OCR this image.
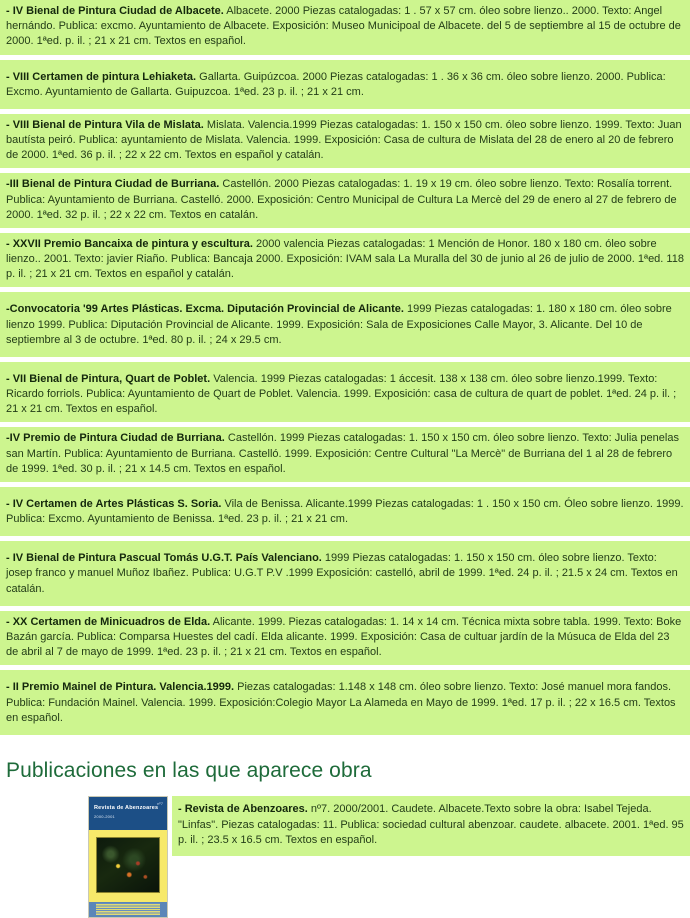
- IV Bienal de Pintura Ciudad de Albacete. Albacete. 2000 Piezas catalogadas: 1 . 57 x 57 cm. óleo sobre lienzo.. 2000. Texto: Angel hernándo. Publica: excmo. Ayuntamiento de Albacete. Exposición: Museo Municipoal de Albacete. del 5 de septiembre al 15 de octubre de 2000. 1ªed. p. il. ; 21 x 21 cm. Textos en español.
- VIII Certamen de pintura Lehiaketa. Gallarta. Guipúzcoa. 2000 Piezas catalogadas: 1 . 36 x 36 cm. óleo sobre lienzo. 2000. Publica: Excmo. Ayuntamiento de Gallarta. Guipuzcoa. 1ªed. 23 p. il. ; 21 x 21 cm.
- VIII Bienal de Pintura Vila de Mislata. Mislata. Valencia.1999 Piezas catalogadas: 1. 150 x 150 cm. óleo sobre lienzo. 1999. Texto: Juan bautísta peiró. Publica: ayuntamiento de Mislata. Valencia. 1999. Exposición: Casa de cultura de Mislata del 28 de enero al 20 de febrero de 2000. 1ªed. 36 p. il. ; 22 x 22 cm. Textos en español y catalán.
-III Bienal de Pintura Ciudad de Burriana. Castellón. 2000 Piezas catalogadas: 1. 19 x 19 cm. óleo sobre lienzo. Texto: Rosalía torrent. Publica: Ayuntamiento de Burriana. Castelló. 2000. Exposición: Centro Municipal de Cultura La Mercè del 29 de enero al 27 de febrero de 2000. 1ªed. 32 p. il. ; 22 x 22 cm. Textos en catalán.
- XXVII Premio Bancaixa de pintura y escultura. 2000 valencia Piezas catalogadas: 1 Mención de Honor. 180 x 180 cm. óleo sobre lienzo.. 2001. Texto: javier Riaño. Publica: Bancaja 2000. Exposición: IVAM sala La Muralla del 30 de junio al 26 de julio de 2000. 1ªed. 118 p. il. ; 21 x 21 cm. Textos en español y catalán.
-Convocatoria '99 Artes Plásticas. Excma. Diputación Provincial de Alicante. 1999 Piezas catalogadas: 1. 180 x 180 cm. óleo sobre lienzo 1999. Publica: Diputación Provincial de Alicante. 1999. Exposición: Sala de Exposiciones Calle Mayor, 3. Alicante. Del 10 de septiembre al 3 de octubre. 1ªed. 80 p. il. ; 24 x 29.5 cm.
- VII Bienal de Pintura, Quart de Poblet. Valencia. 1999 Piezas catalogadas: 1 áccesit. 138 x 138 cm. óleo sobre lienzo.1999. Texto: Ricardo forriols. Publica: Ayuntamiento de Quart de Poblet. Valencia. 1999. Exposición: casa de cultura de quart de poblet. 1ªed. 24 p. il. ; 21 x 21 cm. Textos en español.
-IV Premio de Pintura Ciudad de Burriana. Castellón. 1999 Piezas catalogadas: 1. 150 x 150 cm. óleo sobre lienzo. Texto: Julia penelas san Martín. Publica: Ayuntamiento de Burriana. Castelló. 1999. Exposición: Centre Cultural "La Mercè" de Burriana del 1 al 28 de febrero de 1999. 1ªed. 30 p. il. ; 21 x 14.5 cm. Textos en español.
- IV Certamen de Artes Plásticas S. Soria. Vila de Benissa. Alicante.1999 Piezas catalogadas: 1 . 150 x 150 cm. Óleo sobre lienzo. 1999. Publica: Excmo. Ayuntamiento de Benissa. 1ªed. 23 p. il. ; 21 x 21 cm.
- IV Bienal de Pintura Pascual Tomás U.G.T. País Valenciano. 1999 Piezas catalogadas: 1. 150 x 150 cm. óleo sobre lienzo. Texto: josep franco y manuel Muñoz Ibañez. Publica: U.G.T P.V .1999 Exposición: castelló, abril de 1999. 1ªed. 24 p. il. ; 21.5 x 24 cm. Textos en catalán.
- XX Certamen de Minicuadros de Elda. Alicante. 1999. Piezas catalogadas: 1. 14 x 14 cm. Técnica mixta sobre tabla. 1999. Texto: Boke Bazán garcía. Publica: Comparsa Huestes del cadí. Elda alicante. 1999. Exposición: Casa de cultuar jardín de la Músuca de Elda del 23 de abril al 7 de mayo de 1999. 1ªed. 23 p. il. ; 21 x 21 cm. Textos en español.
- II Premio Mainel de Pintura. Valencia.1999. Piezas catalogadas: 1.148 x 148 cm. óleo sobre lienzo. Texto: José manuel mora fandos. Publica: Fundación Mainel. Valencia. 1999. Exposición:Colegio Mayor La Alameda en Mayo de 1999. 1ªed. 17 p. il. ; 22 x 16.5 cm. Textos en español.
Publicaciones en las que aparece obra
Revista de Abenzoares
2000-2001
nº7	- Revista de Abenzoares. nº7. 2000/2001. Caudete. Albacete.Texto sobre la obra: Isabel Tejeda. "Linfas". Piezas catalogadas: 11. Publica: sociedad cultural abenzoar. caudete. albacete. 2001. 1ªed. 95 p. il. ; 23.5 x 16.5 cm. Textos en español.
